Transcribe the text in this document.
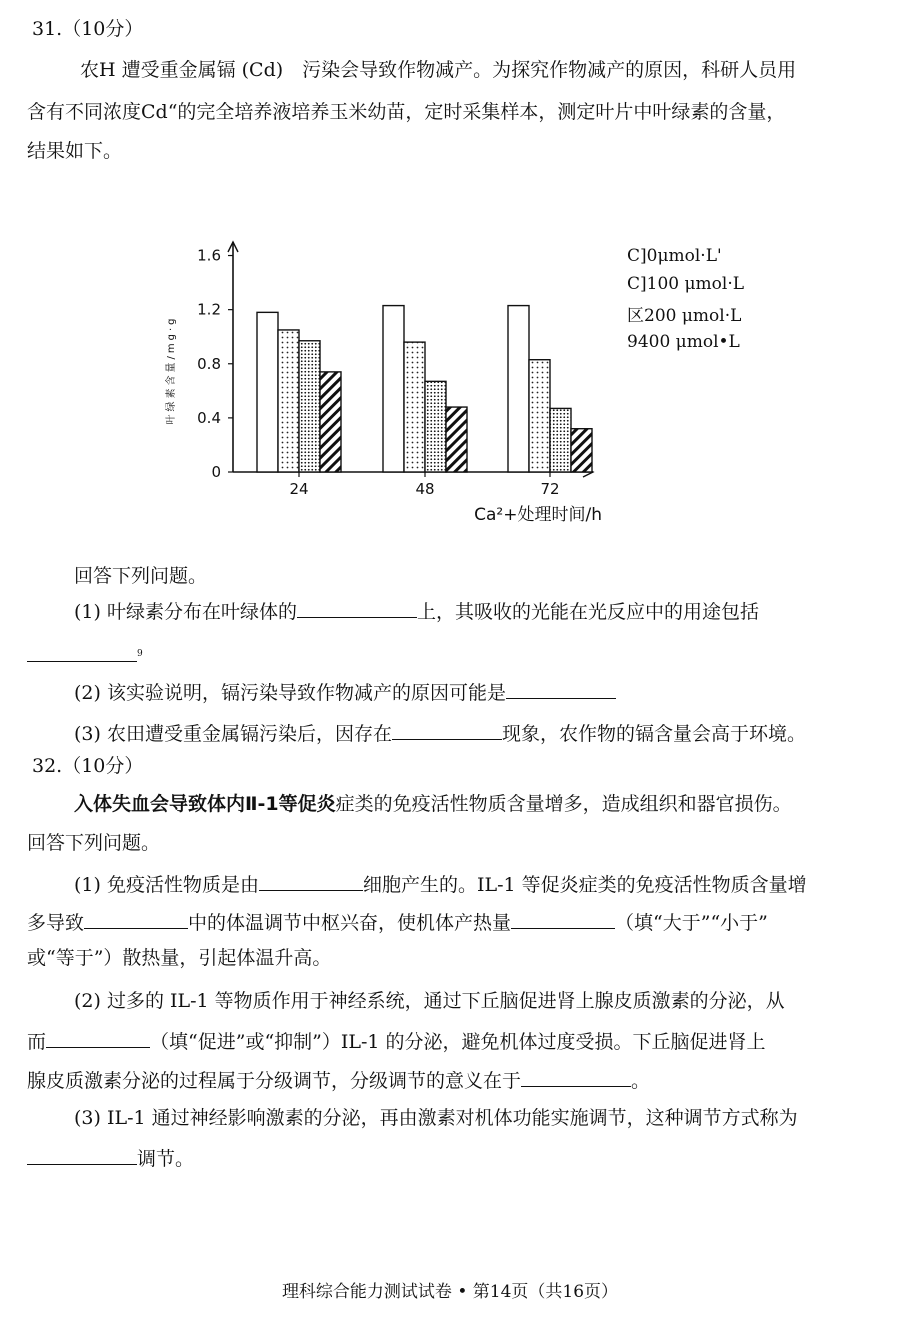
31.（10分）
农H 遭受重金属镉 (Cd)　污染会导致作物减产。为探究作物减产的原因，科研人员用
含有不同浓度Cd“的完全培养液培养玉米幼苗，定时采集样本，测定叶片中叶绿素的含量，
结果如下。
0
0.4
0.8
1.2
1.6
叶绿素含量/mg·g
24	48	72
Ca²+处理时间/h
C]0μmol·L'
C]100 μmol·L
区200 μmol·L
9400 μmol•L
回答下列问题。
(1) 叶绿素分布在叶绿体的	上，其吸收的光能在光反应中的用途包括
$^9$
(2) 该实验说明，镉污染导致作物减产的原因可能是
(3) 农田遭受重金属镉污染后，因存在	现象，农作物的镉含量会高于环境。
32.（10分）
入体失血会导致体内Ⅱ-1等促炎症类的免疫活性物质含量增多，造成组织和器官损伤。
回答下列问题。
(1) 免疫活性物质是由	细胞产生的。IL-1 等促炎症类的免疫活性物质含量增
多导致	中的体温调节中枢兴奋，使机体产热量	（填“大于”“小于”
或“等于”）散热量，引起体温升高。
(2) 过多的 IL-1 等物质作用于神经系统，通过下丘脑促进肾上腺皮质激素的分泌，从
而	（填“促进”或“抑制”）IL-1 的分泌，避免机体过度受损。下丘脑促进肾上
腺皮质激素分泌的过程属于分级调节，分级调节的意义在于	。
(3) IL-1 通过神经影响激素的分泌，再由激素对机体功能实施调节，这种调节方式称为
调节。
理科综合能力测试试卷 • 第14页（共16页）
